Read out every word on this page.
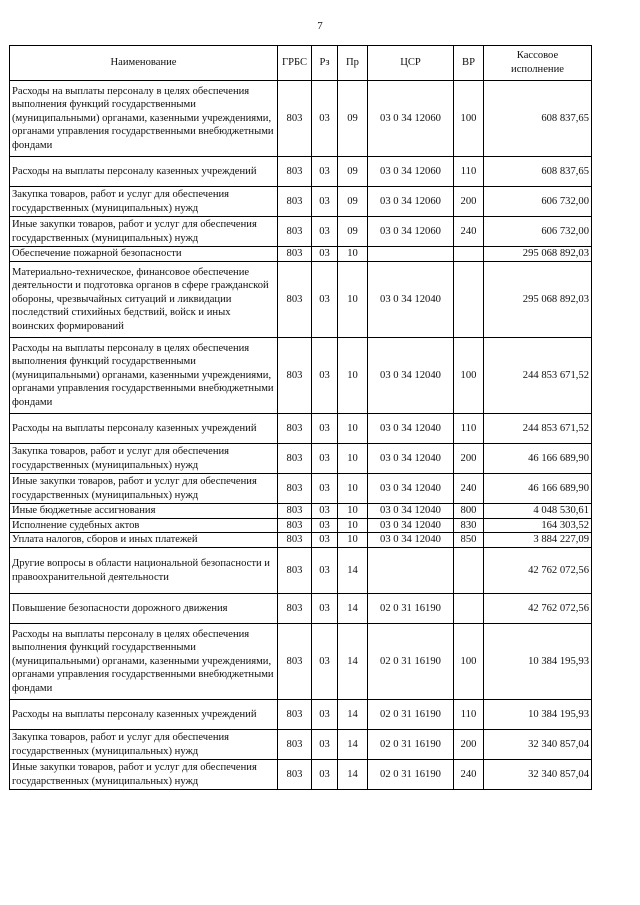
7
Наименование	ГРБС	Рз	Пр	ЦСР	ВР	Кассовое
исполнение
Расходы на выплаты персоналу в целях обеспечения выполнения функций государственными (муниципальными) органами, казенными учреждениями, органами управления государственными внебюджетными фондами	803	03	09	03 0 34 12060	100	608 837,65
Расходы на выплаты персоналу казенных учреждений	803	03	09	03 0 34 12060	110	608 837,65
Закупка товаров, работ и услуг для обеспечения государственных (муниципальных) нужд	803	03	09	03 0 34 12060	200	606 732,00
Иные закупки товаров, работ и услуг для обеспечения государственных (муниципальных) нужд	803	03	09	03 0 34 12060	240	606 732,00
Обеспечение пожарной безопасности	803	03	10			295 068 892,03
Материально-техническое, финансовое обеспечение деятельности и подготовка органов в сфере гражданской обороны, чрезвычайных ситуаций и ликвидации последствий стихийных бедствий, войск и иных воинских формирований	803	03	10	03 0 34 12040		295 068 892,03
Расходы на выплаты персоналу в целях обеспечения выполнения функций государственными (муниципальными) органами, казенными учреждениями, органами управления государственными внебюджетными фондами	803	03	10	03 0 34 12040	100	244 853 671,52
Расходы на выплаты персоналу казенных учреждений	803	03	10	03 0 34 12040	110	244 853 671,52
Закупка товаров, работ и услуг для обеспечения государственных (муниципальных) нужд	803	03	10	03 0 34 12040	200	46 166 689,90
Иные закупки товаров, работ и услуг для обеспечения государственных (муниципальных) нужд	803	03	10	03 0 34 12040	240	46 166 689,90
Иные бюджетные ассигнования	803	03	10	03 0 34 12040	800	4 048 530,61
Исполнение судебных актов	803	03	10	03 0 34 12040	830	164 303,52
Уплата налогов, сборов и иных платежей	803	03	10	03 0 34 12040	850	3 884 227,09
Другие вопросы в области национальной безопасности и правоохранительной деятельности	803	03	14			42 762 072,56
Повышение безопасности дорожного движения	803	03	14	02 0 31 16190		42 762 072,56
Расходы на выплаты персоналу в целях обеспечения выполнения функций государственными (муниципальными) органами, казенными учреждениями, органами управления государственными внебюджетными фондами	803	03	14	02 0 31 16190	100	10 384 195,93
Расходы на выплаты персоналу казенных учреждений	803	03	14	02 0 31 16190	110	10 384 195,93
Закупка товаров, работ и услуг для обеспечения государственных (муниципальных) нужд	803	03	14	02 0 31 16190	200	32 340 857,04
Иные закупки товаров, работ и услуг для обеспечения государственных (муниципальных) нужд	803	03	14	02 0 31 16190	240	32 340 857,04
